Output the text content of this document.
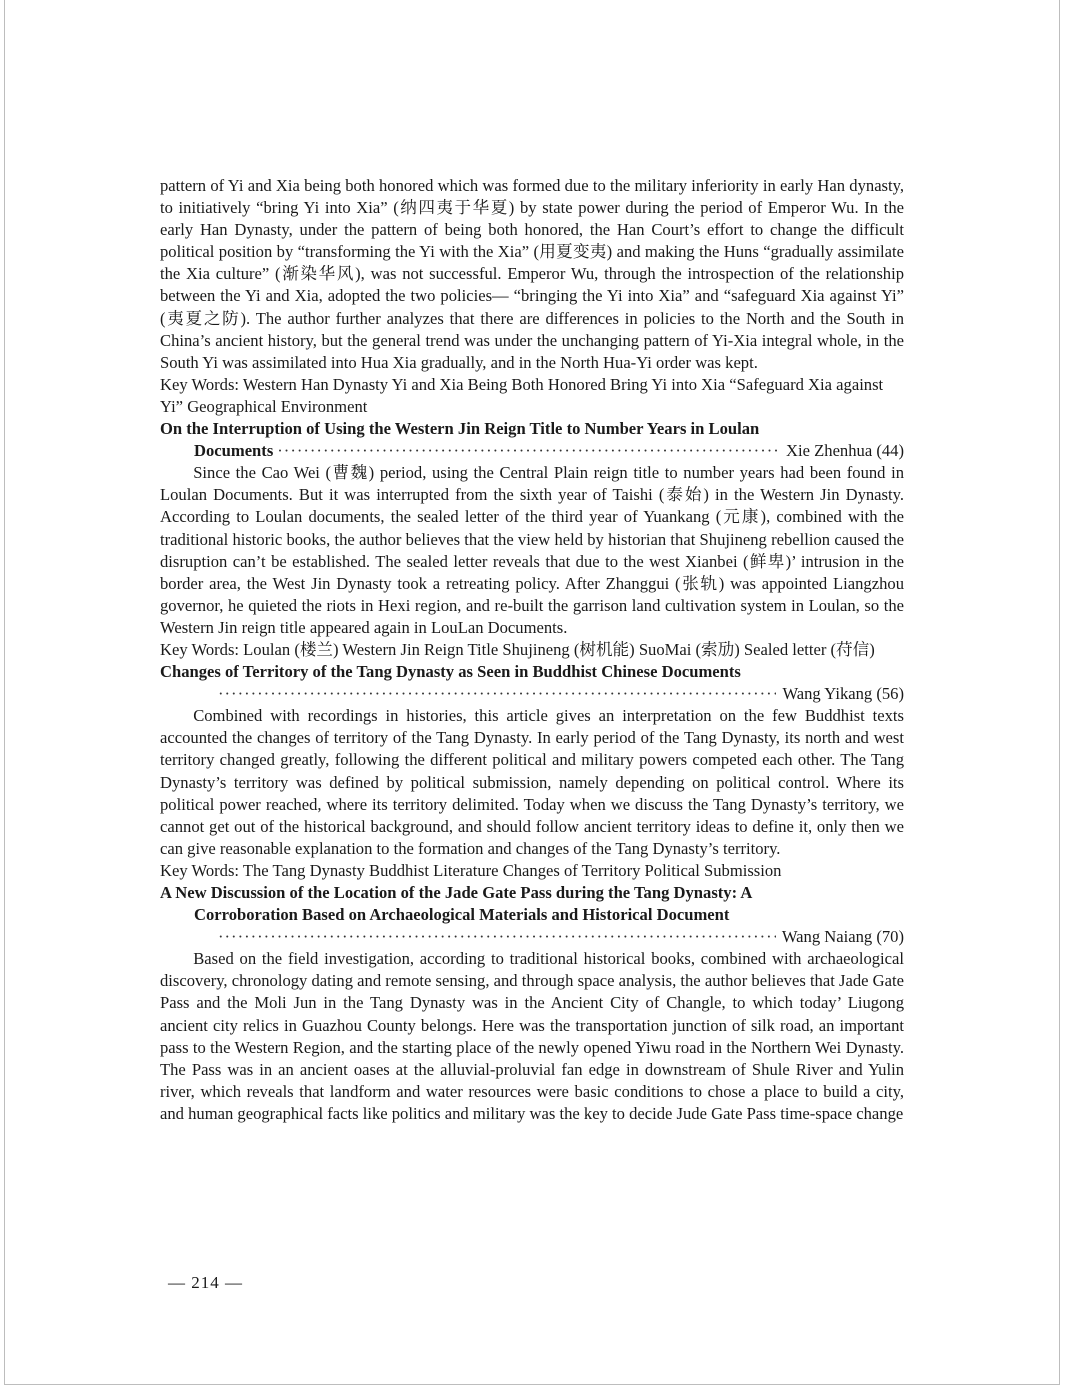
pattern of Yi and Xia being both honored which was formed due to the military inferiority in early Han dynasty, to initiatively “bring Yi into Xia” (纳四夷于华夏) by state power during the period of Emperor Wu. In the early Han Dynasty, under the pattern of being both honored, the Han Court’s effort to change the difficult political position by “transforming the Yi with the Xia” (用夏变夷) and making the Huns “gradually assimilate the Xia culture” (渐染华风), was not successful. Emperor Wu, through the introspection of the relationship between the Yi and Xia, adopted the two policies— “bringing the Yi into Xia” and “safeguard Xia against Yi” (夷夏之防). The author further analyzes that there are differences in policies to the North and the South in China’s ancient history, but the general trend was under the unchanging pattern of Yi-Xia integral whole, in the South Yi was assimilated into Hua Xia gradually, and in the North Hua-Yi order was kept.

Key Words: Western Han Dynasty Yi and Xia Being Both Honored Bring Yi into Xia “Safeguard Xia against Yi” Geographical Environment

On the Interruption of Using the Western Jin Reign Title to Number Years in Loulan

Documents
·····	Xie Zhenhua (44)

Since the Cao Wei (曹魏) period, using the Central Plain reign title to number years had been found in Loulan Documents. But it was interrupted from the sixth year of Taishi (泰始) in the Western Jin Dynasty. According to Loulan documents, the sealed letter of the third year of Yuankang (元康), combined with the traditional historic books, the author believes that the view held by historian that Shujineng rebellion caused the disruption can’t be established. The sealed letter reveals that due to the west Xianbei (鲜卑)’ intrusion in the border area, the West Jin Dynasty took a retreating policy. After Zhanggui (张轨) was appointed Liangzhou governor, he quieted the riots in Hexi region, and re-built the garrison land cultivation system in Loulan, so the Western Jin reign title appeared again in LouLan Documents.

Key Words: Loulan (楼兰) Western Jin Reign Title Shujineng (树机能) SuoMai (索劢) Sealed letter (苻信)

Changes of Territory of the Tang Dynasty as Seen in Buddhist Chinese Documents

·····
Wang Yikang (56)

Combined with recordings in histories, this article gives an interpretation on the few Buddhist texts accounted the changes of territory of the Tang Dynasty. In early period of the Tang Dynasty, its north and west territory changed greatly, following the different political and military powers competed each other. The Tang Dynasty’s territory was defined by political submission, namely depending on political control. Where its political power reached, where its territory delimited. Today when we discuss the Tang Dynasty’s territory, we cannot get out of the historical background, and should follow ancient territory ideas to define it, only then we can give reasonable explanation to the formation and changes of the Tang Dynasty’s territory.

Key Words: The Tang Dynasty Buddhist Literature Changes of Territory Political Submission

A New Discussion of the Location of the Jade Gate Pass during the Tang Dynasty: A

Corroboration Based on Archaeological Materials and Historical Document

·····
Wang Naiang (70)

Based on the field investigation, according to traditional historical books, combined with archaeological discovery, chronology dating and remote sensing, and through space analysis, the author believes that Jade Gate Pass and the Moli Jun in the Tang Dynasty was in the Ancient City of Changle, to which today’ Liugong ancient city relics in Guazhou County belongs. Here was the transportation junction of silk road, an important pass to the Western Region, and the starting place of the newly opened Yiwu road in the Northern Wei Dynasty. The Pass was in an ancient oases at the alluvial-proluvial fan edge in downstream of Shule River and Yulin river, which reveals that landform and water resources were basic conditions to chose a place to build a city, and human geographical facts like politics and military was the key to decide Jude Gate Pass time-space change

— 214 —
